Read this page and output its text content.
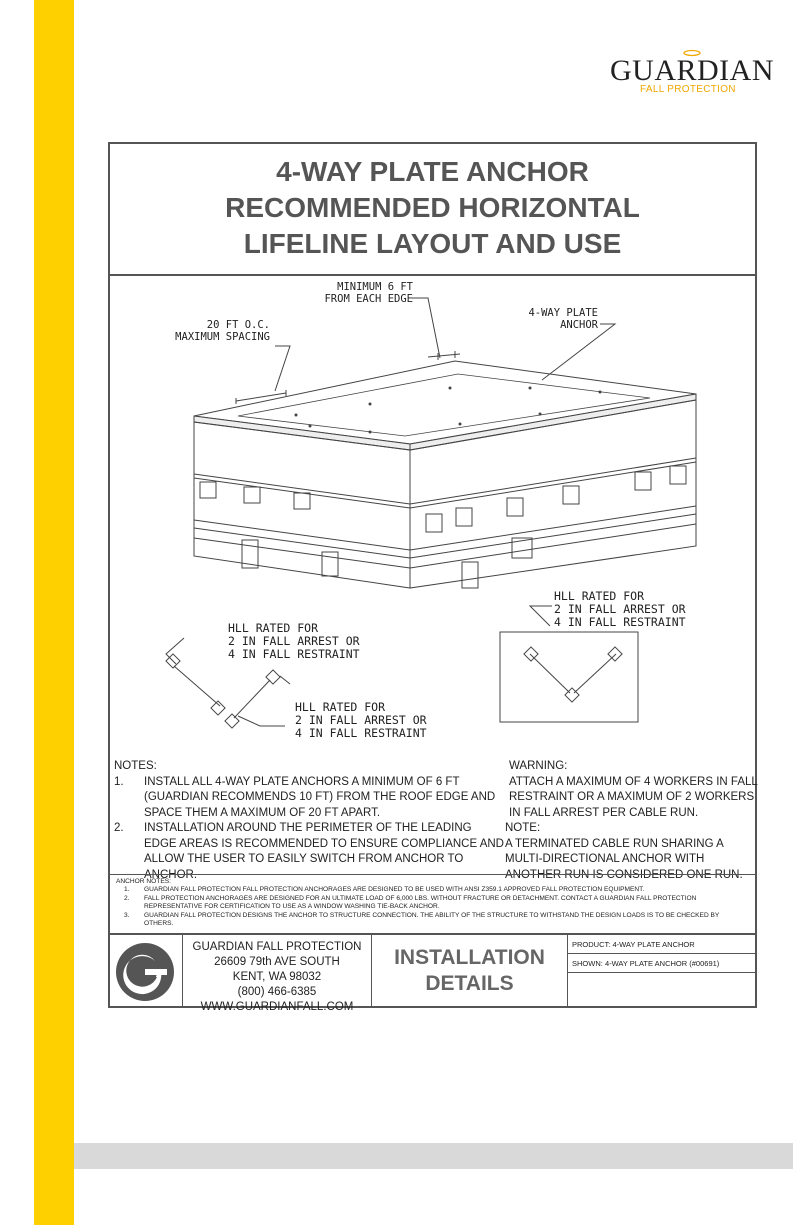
GUARDIAN
FALL PROTECTION
4-WAY PLATE ANCHOR
RECOMMENDED HORIZONTAL
LIFELINE LAYOUT AND USE
MINIMUM 6 FT
FROM EACH EDGE
20 FT O.C.
MAXIMUM SPACING
4-WAY PLATE
ANCHOR
HLL RATED FOR
2 IN FALL ARREST OR
4 IN FALL RESTRAINT
HLL RATED FOR
2 IN FALL ARREST OR
4 IN FALL RESTRAINT
HLL RATED FOR
2 IN FALL ARREST OR
4 IN FALL RESTRAINT
NOTES:
1.	INSTALL ALL 4-WAY PLATE ANCHORS A MINIMUM OF 6 FT
(GUARDIAN RECOMMENDS 10 FT) FROM THE ROOF EDGE AND
SPACE THEM A MAXIMUM OF 20 FT APART.
2.	INSTALLATION AROUND THE PERIMETER OF THE LEADING
EDGE AREAS IS RECOMMENDED TO ENSURE COMPLIANCE AND
ALLOW THE USER TO EASILY SWITCH FROM ANCHOR TO
ANCHOR.
WARNING:
ATTACH A MAXIMUM OF 4 WORKERS IN FALL
RESTRAINT OR A MAXIMUM OF 2 WORKERS
IN FALL ARREST PER CABLE RUN.
NOTE:
A TERMINATED CABLE RUN SHARING A
MULTI-DIRECTIONAL ANCHOR WITH
ANOTHER RUN IS CONSIDERED ONE RUN.
ANCHOR NOTES:
1.	GUARDIAN FALL PROTECTION FALL PROTECTION ANCHORAGES ARE DESIGNED TO BE USED WITH ANSI Z359.1 APPROVED FALL PROTECTION EQUIPMENT.
2.	FALL PROTECTION ANCHORAGES ARE DESIGNED FOR AN ULTIMATE LOAD OF 6,000 LBS. WITHOUT FRACTURE OR DETACHMENT. CONTACT A GUARDIAN FALL PROTECTION REPRESENTATIVE FOR CERTIFICATION TO USE AS A WINDOW WASHING TIE-BACK ANCHOR.
3.	GUARDIAN FALL PROTECTION DESIGNS THE ANCHOR TO STRUCTURE CONNECTION. THE ABILITY OF THE STRUCTURE TO WITHSTAND THE DESIGN LOADS IS TO BE CHECKED BY OTHERS.
GUARDIAN FALL PROTECTION
26609 79th AVE SOUTH
KENT, WA 98032
(800) 466-6385
WWW.GUARDIANFALL.COM
INSTALLATION
DETAILS
PRODUCT: 4-WAY PLATE ANCHOR
SHOWN: 4-WAY PLATE ANCHOR (#00691)
